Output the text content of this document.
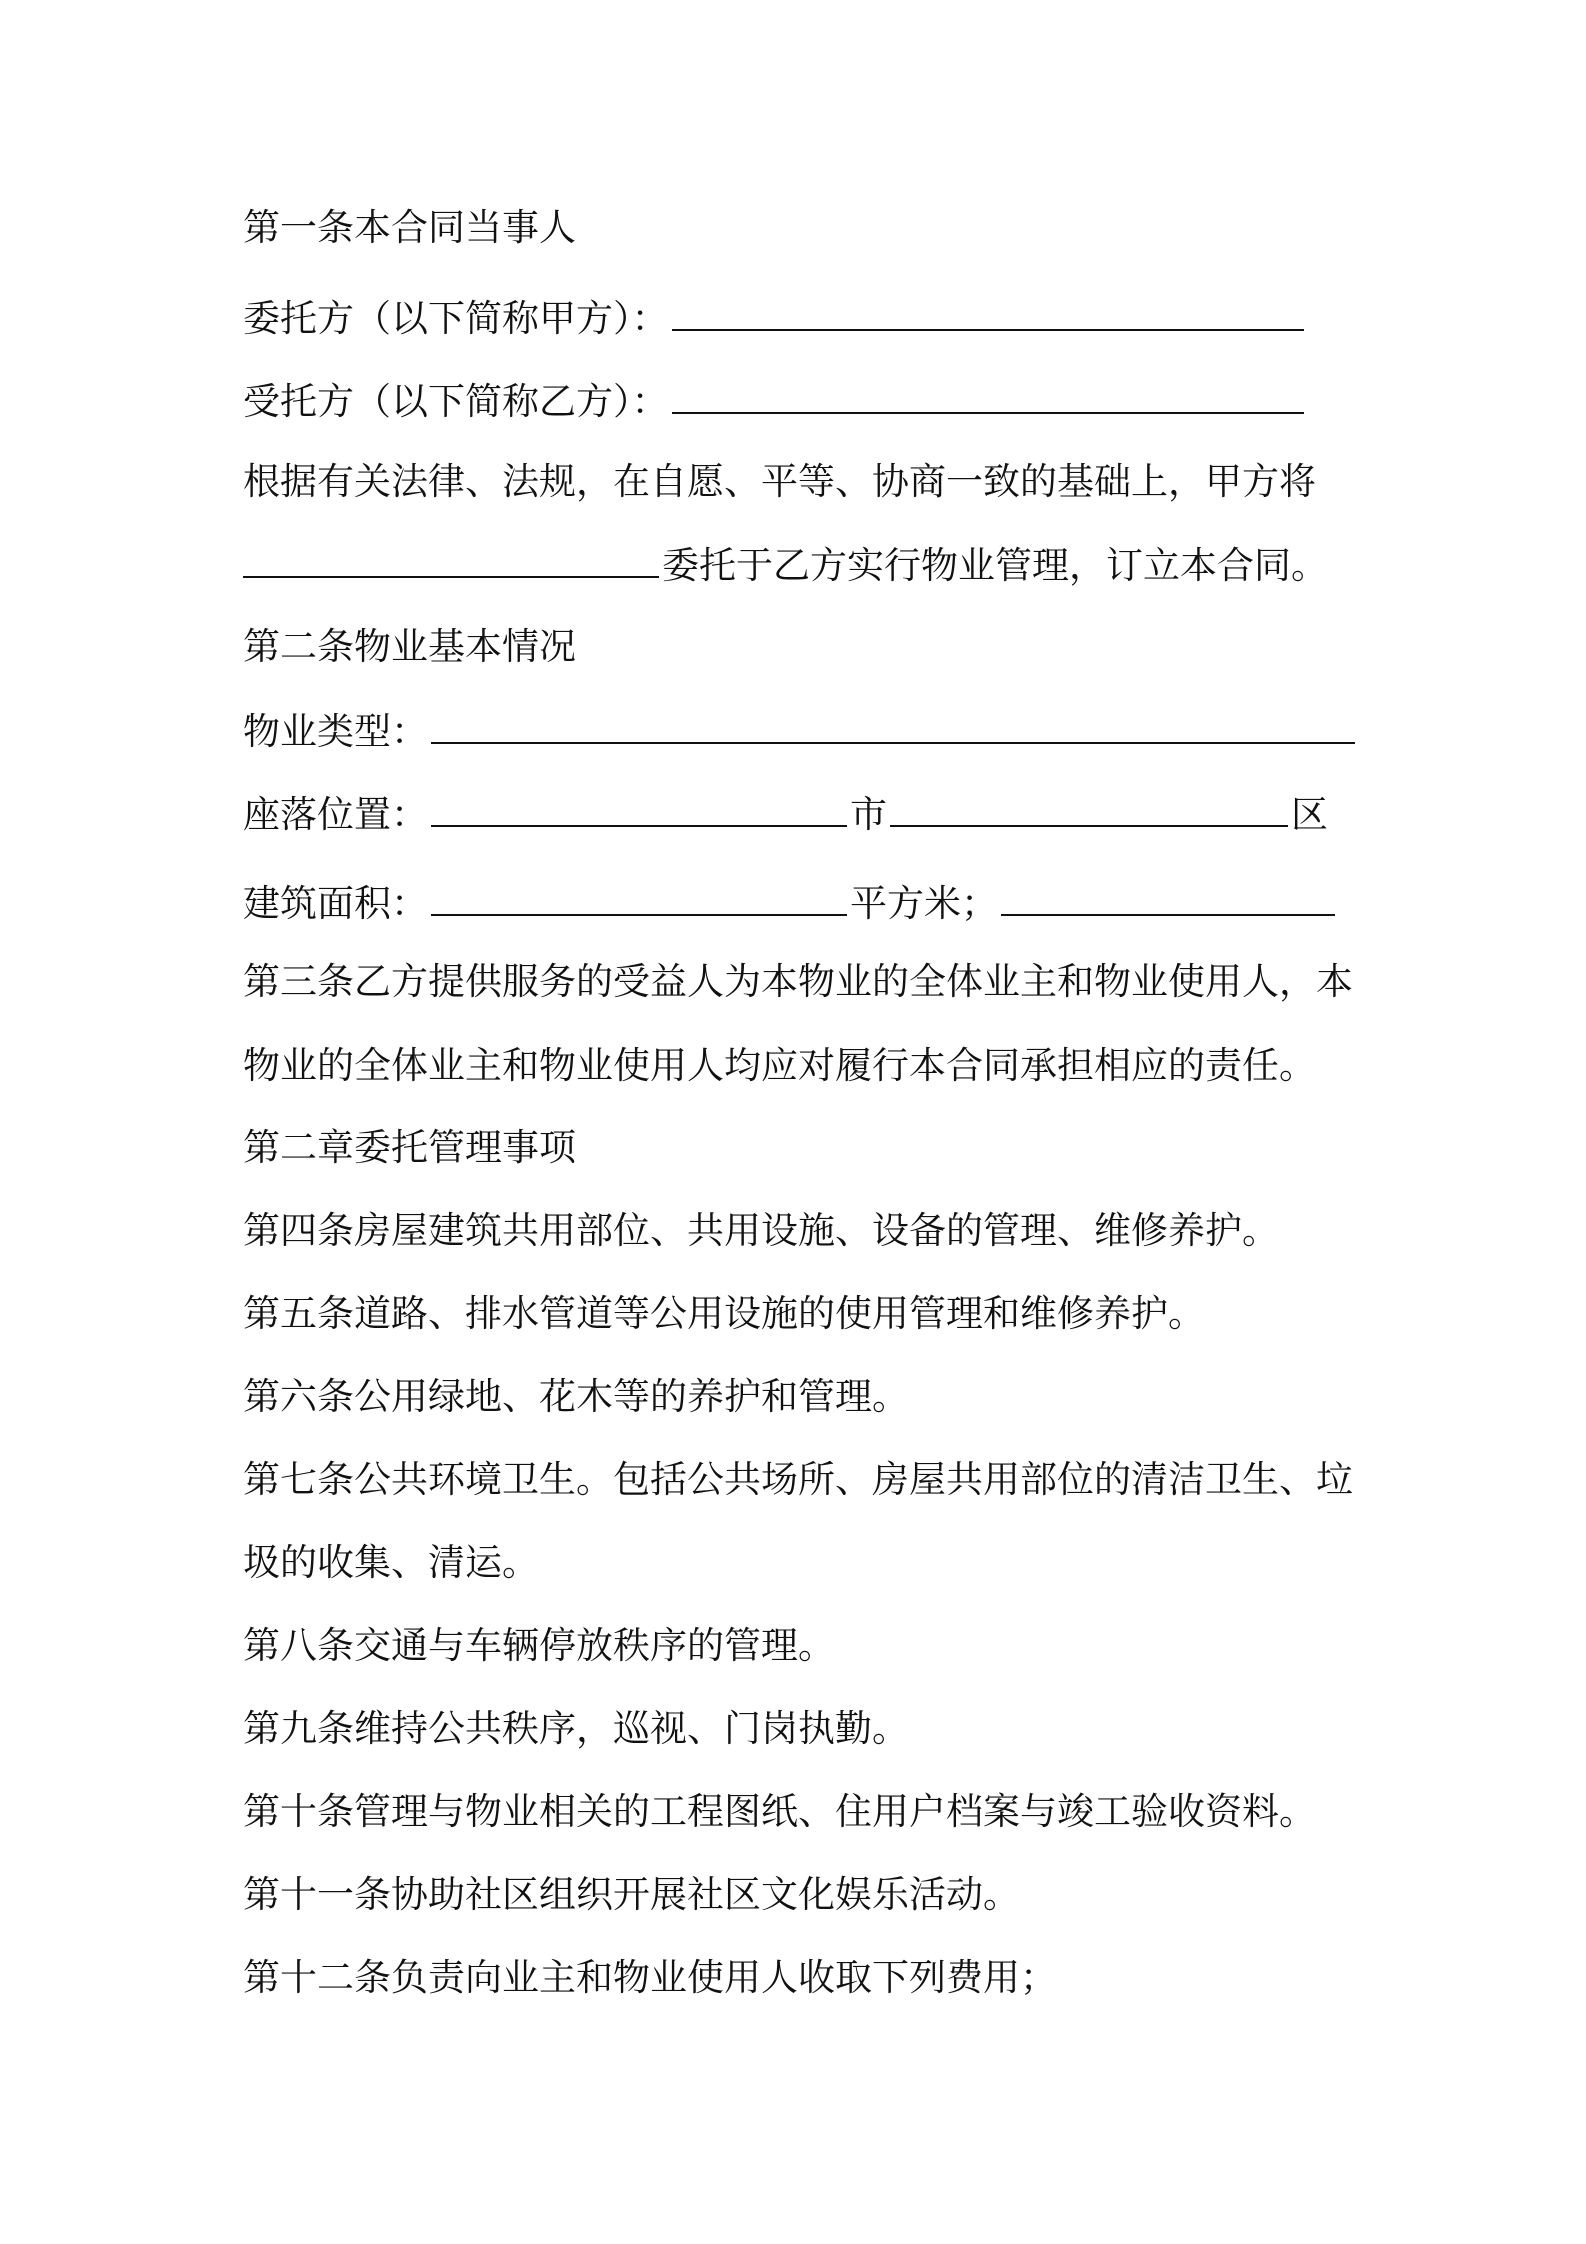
第一条本合同当事人
委托方（以下简称甲方）：
受托方（以下简称乙方）：
根据有关法律、法规，在自愿、平等、协商一致的基础上，甲方将
委托于乙方实行物业管理，订立本合同。
第二条物业基本情况
物业类型：
座落位置：	市	区
建筑面积：	平方米；
第三条乙方提供服务的受益人为本物业的全体业主和物业使用人，本
物业的全体业主和物业使用人均应对履行本合同承担相应的责任。
第二章委托管理事项
第四条房屋建筑共用部位、共用设施、设备的管理、维修养护。
第五条道路、排水管道等公用设施的使用管理和维修养护。
第六条公用绿地、花木等的养护和管理。
第七条公共环境卫生。包括公共场所、房屋共用部位的清洁卫生、垃
圾的收集、清运。
第八条交通与车辆停放秩序的管理。
第九条维持公共秩序，巡视、门岗执勤。
第十条管理与物业相关的工程图纸、住用户档案与竣工验收资料。
第十一条协助社区组织开展社区文化娱乐活动。
第十二条负责向业主和物业使用人收取下列费用；
